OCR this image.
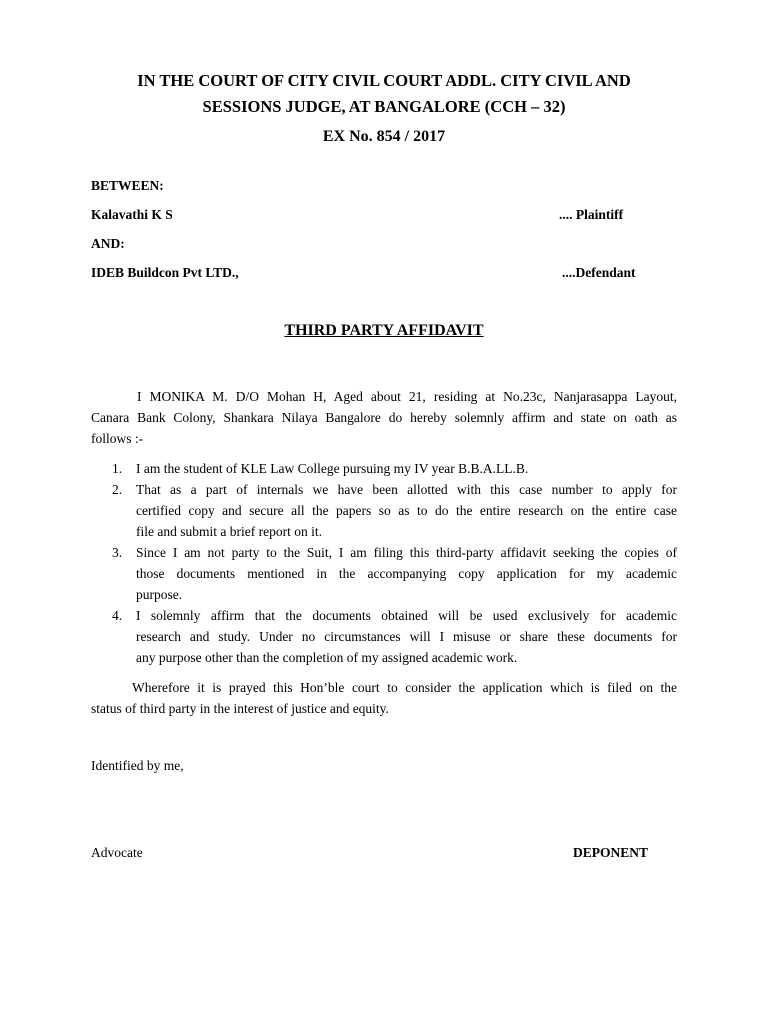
IN THE COURT OF CITY CIVIL COURT ADDL. CITY CIVIL AND
SESSIONS JUDGE, AT BANGALORE (CCH – 32)
EX No. 854 / 2017
BETWEEN:
Kalavathi K S	.... Plaintiff
AND:
IDEB Buildcon Pvt LTD.,	....Defendant
THIRD PARTY AFFIDAVIT
I MONIKA M. D/O Mohan H, Aged about 21, residing at No.23c, Nanjarasappa Layout,
Canara Bank Colony, Shankara Nilaya Bangalore do hereby solemnly affirm and state on oath as
follows :-
1. I am the student of KLE Law College pursuing my IV year B.B.A.LL.B.
2. That as a part of internals we have been allotted with this case number to apply for
certified copy and secure all the papers so as to do the entire research on the entire case
file and submit a brief report on it.
3. Since I am not party to the Suit, I am filing this third-party affidavit seeking the copies of
those documents mentioned in the accompanying copy application for my academic
purpose.
4. I solemnly affirm that the documents obtained will be used exclusively for academic
research and study. Under no circumstances will I misuse or share these documents for
any purpose other than the completion of my assigned academic work.
Wherefore it is prayed this Hon’ble court to consider the application which is filed on the
status of third party in the interest of justice and equity.
Identified by me,
Advocate	DEPONENT
